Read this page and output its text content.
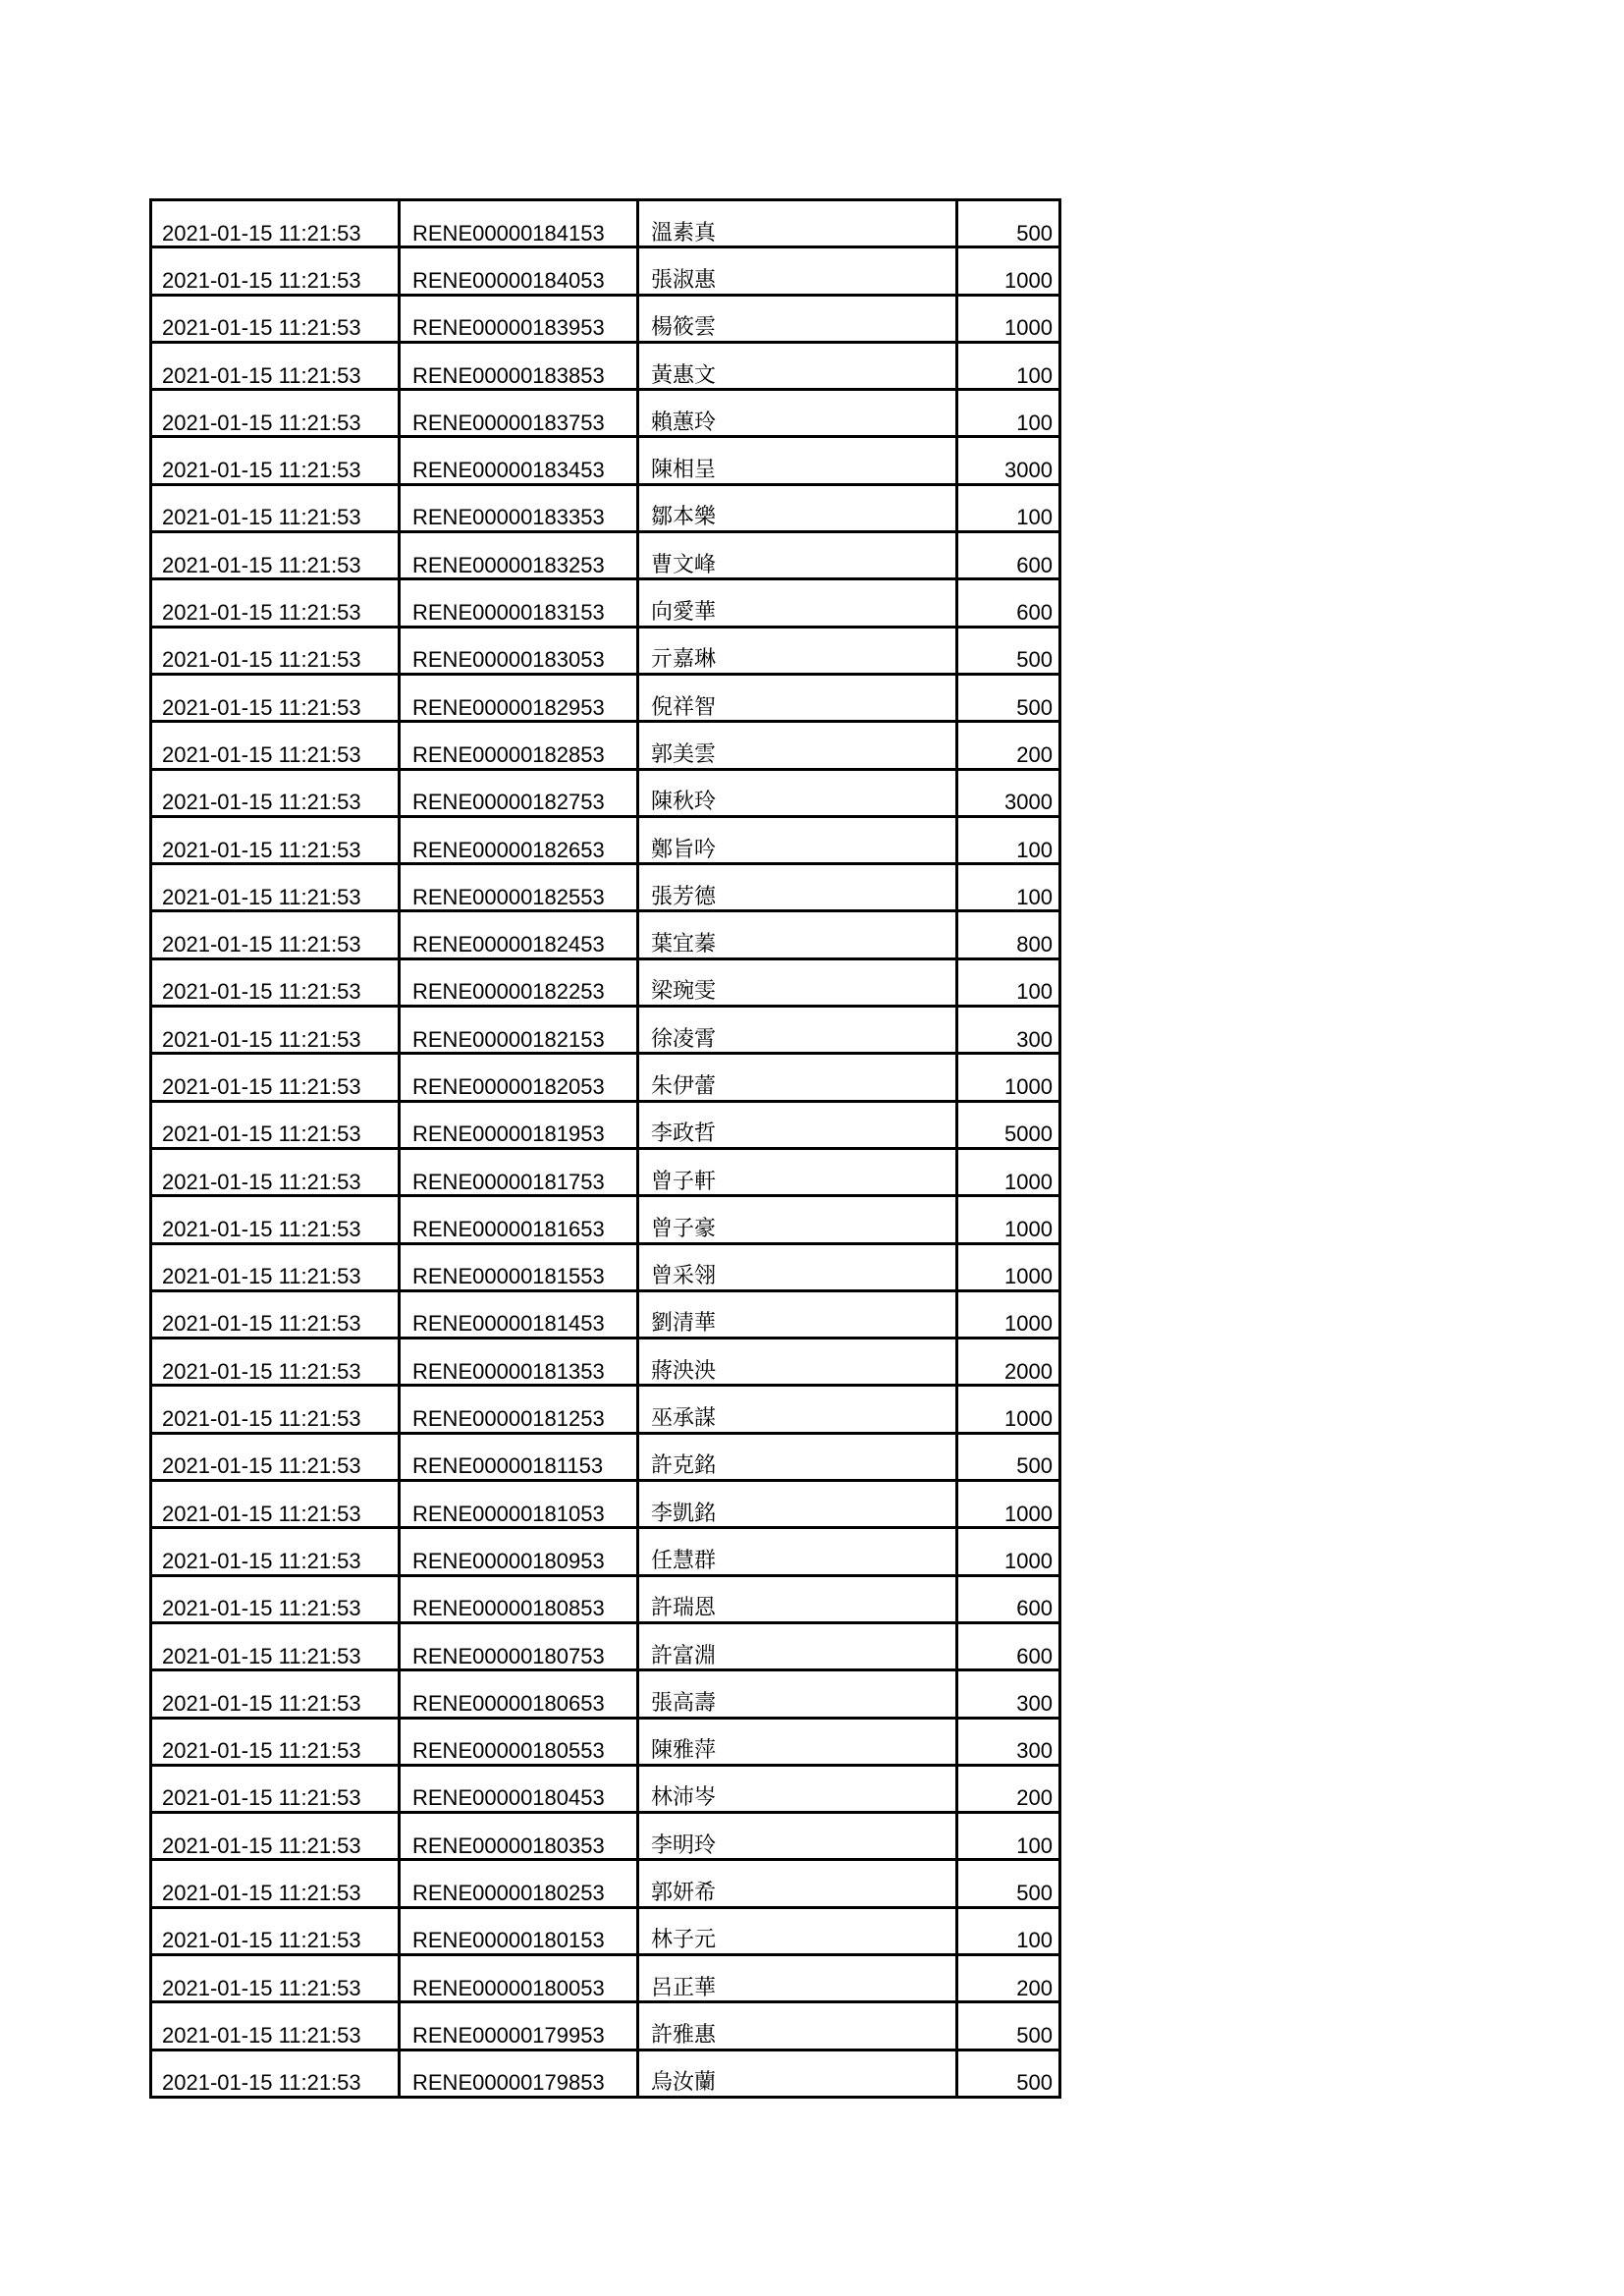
2021-01-15 11:21:53	RENE00000184153	溫素真	500

2021-01-15 11:21:53	RENE00000184053	張淑惠	1000

2021-01-15 11:21:53	RENE00000183953	楊筱雲	1000

2021-01-15 11:21:53	RENE00000183853	黃惠文	100

2021-01-15 11:21:53	RENE00000183753	賴蕙玲	100

2021-01-15 11:21:53	RENE00000183453	陳相呈	3000

2021-01-15 11:21:53	RENE00000183353	鄒本樂	100

2021-01-15 11:21:53	RENE00000183253	曹文峰	600

2021-01-15 11:21:53	RENE00000183153	向愛華	600

2021-01-15 11:21:53	RENE00000183053	亓嘉琳	500

2021-01-15 11:21:53	RENE00000182953	倪祥智	500

2021-01-15 11:21:53	RENE00000182853	郭美雲	200

2021-01-15 11:21:53	RENE00000182753	陳秋玲	3000

2021-01-15 11:21:53	RENE00000182653	鄭旨吟	100

2021-01-15 11:21:53	RENE00000182553	張芳德	100

2021-01-15 11:21:53	RENE00000182453	葉宜蓁	800

2021-01-15 11:21:53	RENE00000182253	梁琬雯	100

2021-01-15 11:21:53	RENE00000182153	徐凌霄	300

2021-01-15 11:21:53	RENE00000182053	朱伊蕾	1000

2021-01-15 11:21:53	RENE00000181953	李政哲	5000

2021-01-15 11:21:53	RENE00000181753	曾子軒	1000

2021-01-15 11:21:53	RENE00000181653	曾子豪	1000

2021-01-15 11:21:53	RENE00000181553	曾采翎	1000

2021-01-15 11:21:53	RENE00000181453	劉清華	1000

2021-01-15 11:21:53	RENE00000181353	蔣泱泱	2000

2021-01-15 11:21:53	RENE00000181253	巫承謀	1000

2021-01-15 11:21:53	RENE00000181153	許克銘	500

2021-01-15 11:21:53	RENE00000181053	李凱銘	1000

2021-01-15 11:21:53	RENE00000180953	任慧群	1000

2021-01-15 11:21:53	RENE00000180853	許瑞恩	600

2021-01-15 11:21:53	RENE00000180753	許富淵	600

2021-01-15 11:21:53	RENE00000180653	張高壽	300

2021-01-15 11:21:53	RENE00000180553	陳雅萍	300

2021-01-15 11:21:53	RENE00000180453	林沛岑	200

2021-01-15 11:21:53	RENE00000180353	李明玲	100

2021-01-15 11:21:53	RENE00000180253	郭妍希	500

2021-01-15 11:21:53	RENE00000180153	林子元	100

2021-01-15 11:21:53	RENE00000180053	呂正華	200

2021-01-15 11:21:53	RENE00000179953	許雅惠	500

2021-01-15 11:21:53	RENE00000179853	烏汝蘭	500
